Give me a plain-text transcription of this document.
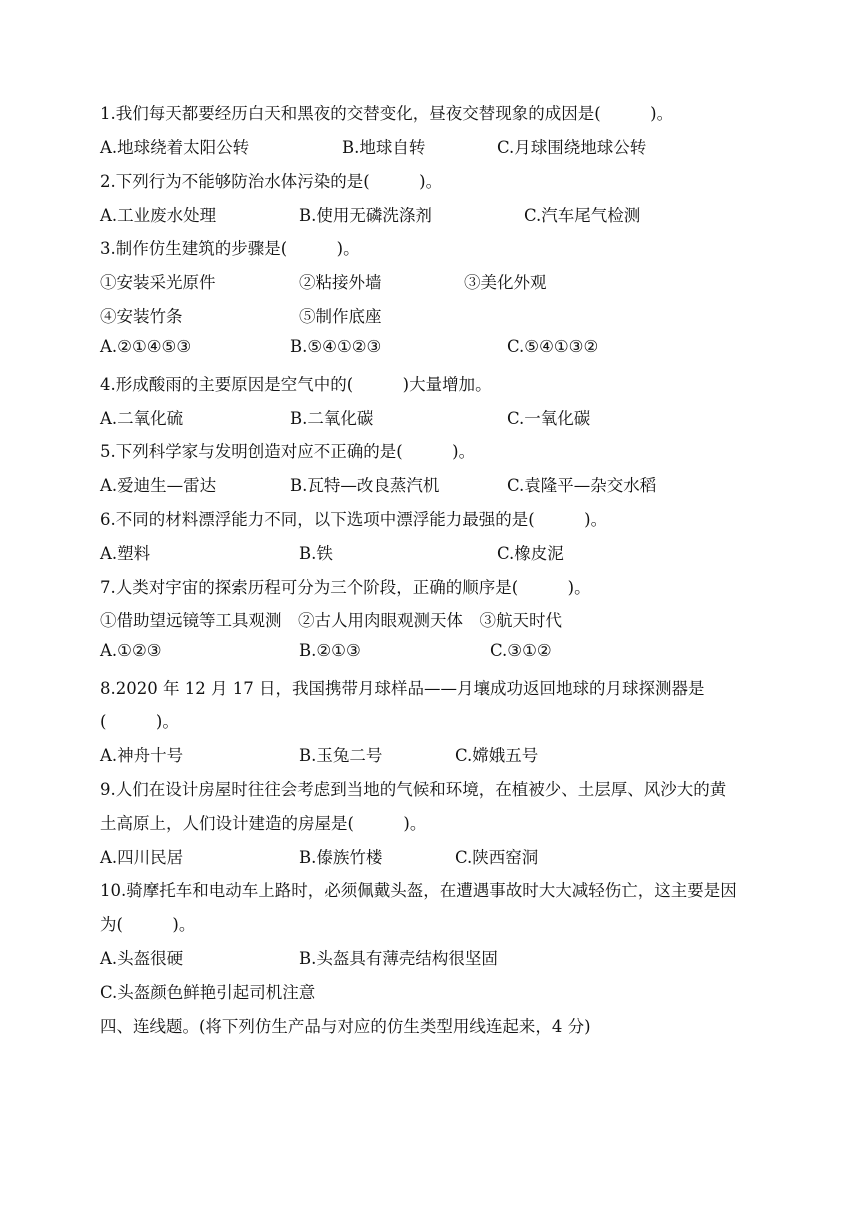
1.我们每天都要经历白天和黑夜的交替变化，昼夜交替现象的成因是(　　　)。
A.地球绕着太阳公转	B.地球自转	C.月球围绕地球公转
2.下列行为不能够防治水体污染的是(　　　)。
A.工业废水处理	B.使用无磷洗涤剂	C.汽车尾气检测
3.制作仿生建筑的步骤是(　　　)。
①安装采光原件	②粘接外墙	③美化外观
④安装竹条	⑤制作底座
A.②①④⑤③	B.⑤④①②③	C.⑤④①③②
4.形成酸雨的主要原因是空气中的(　　　)大量增加。
A.二氧化硫	B.二氧化碳	C.一氧化碳
5.下列科学家与发明创造对应不正确的是(　　　)。
A.爱迪生—雷达	B.瓦特—改良蒸汽机	C.袁隆平—杂交水稻
6.不同的材料漂浮能力不同，以下选项中漂浮能力最强的是(　　　)。
A.塑料	B.铁	C.橡皮泥
7.人类对宇宙的探索历程可分为三个阶段，正确的顺序是(　　　)。
①借助望远镜等工具观测　②古人用肉眼观测天体　③航天时代
A.①②③	B.②①③	C.③①②
8.2020 年 12 月 17 日，我国携带月球样品——月壤成功返回地球的月球探测器是
(　　　)。
A.神舟十号	B.玉兔二号	C.嫦娥五号
9.人们在设计房屋时往往会考虑到当地的气候和环境，在植被少、土层厚、风沙大的黄
土高原上，人们设计建造的房屋是(　　　)。
A.四川民居	B.傣族竹楼	C.陕西窑洞
10.骑摩托车和电动车上路时，必须佩戴头盔，在遭遇事故时大大减轻伤亡，这主要是因
为(　　　)。
A.头盔很硬	B.头盔具有薄壳结构很坚固
C.头盔颜色鲜艳引起司机注意
四、连线题。(将下列仿生产品与对应的仿生类型用线连起来，4 分)
